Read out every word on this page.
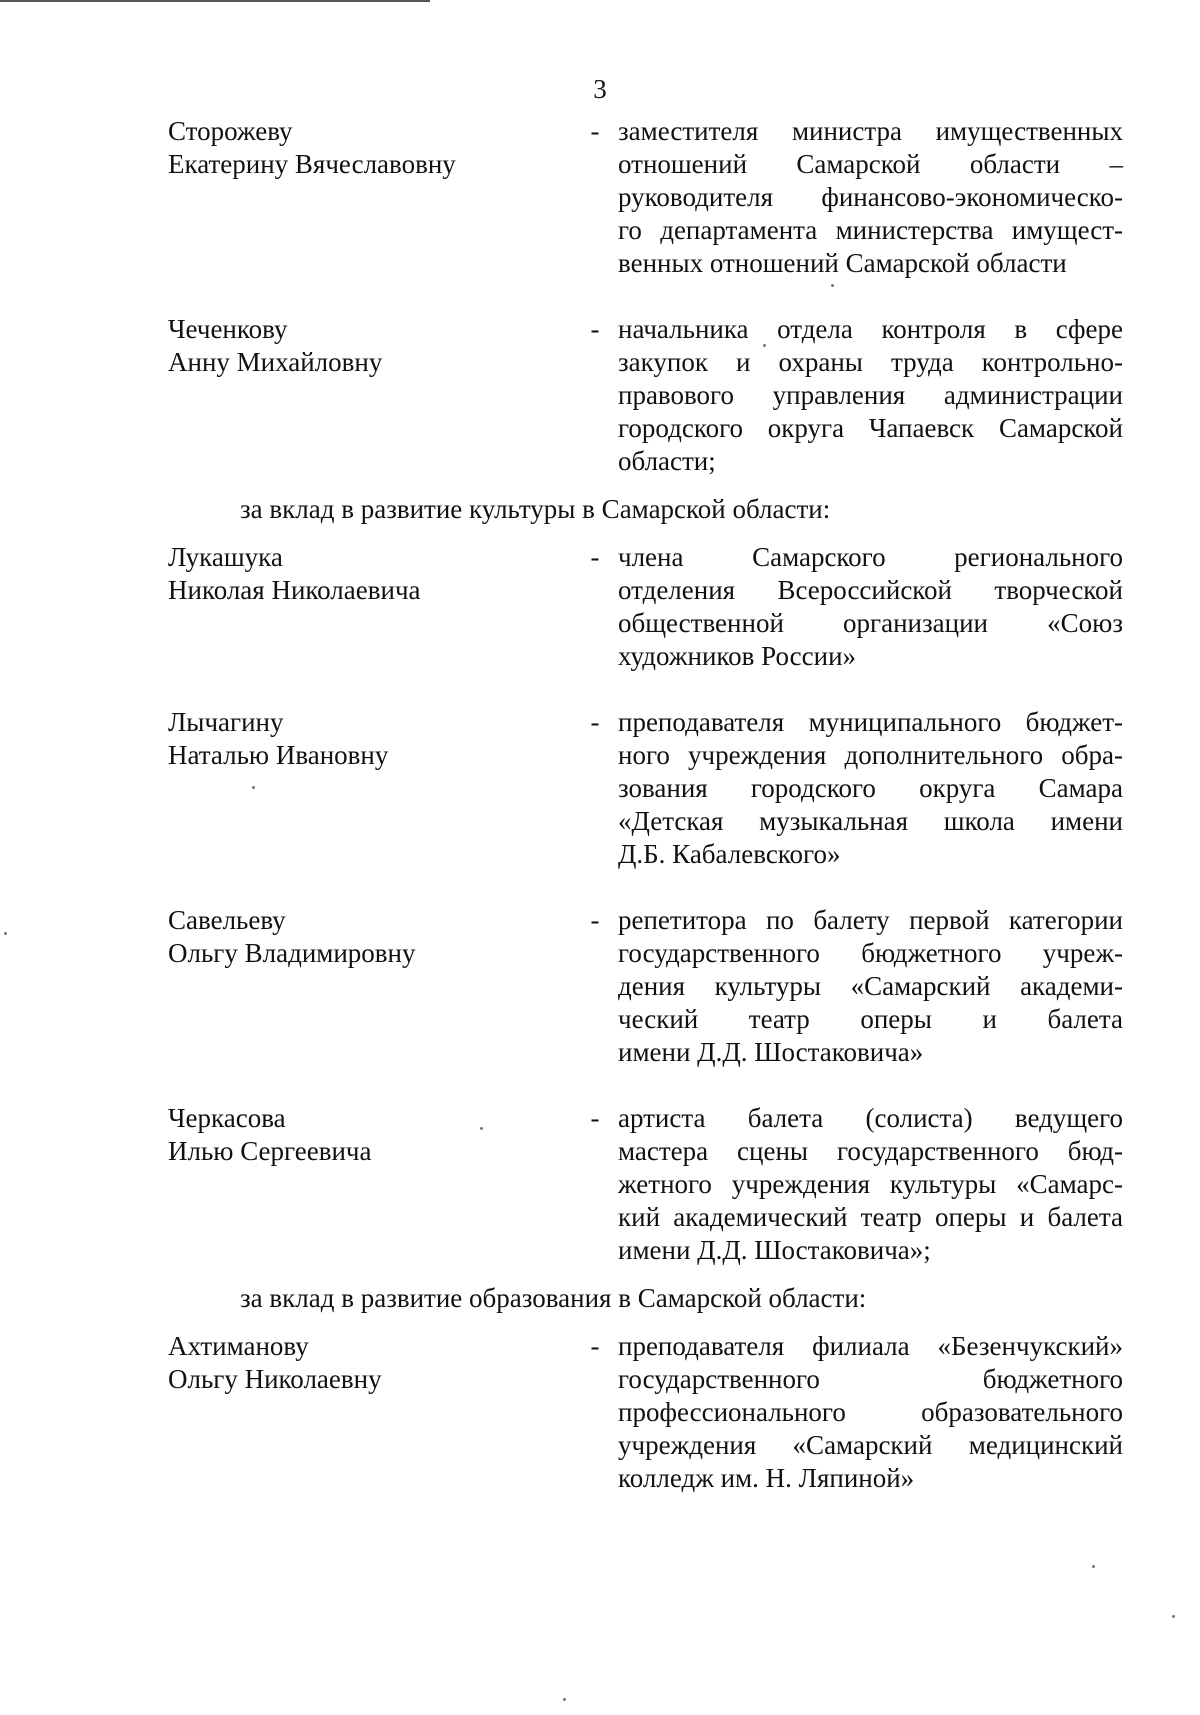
3
Сторожеву
Екатерину Вячеславовну
- заместителя министра имущественных
отношений Самарской области –
руководителя финансово-экономическо-
го департамента министерства имущест-
венных отношений Самарской области
Чеченкову
Анну Михайловну
- начальника отдела контроля в сфере
закупок и охраны труда контрольно-
правового управления администрации
городского округа Чапаевск Самарской
области;
за вклад в развитие культуры в Самарской области:
Лукашука
Николая Николаевича
- члена Самарского регионального
отделения Всероссийской творческой
общественной организации «Союз
художников России»
Лычагину
Наталью Ивановну
- преподавателя муниципального бюджет-
ного учреждения дополнительного обра-
зования городского округа Самара
«Детская музыкальная школа имени
Д.Б. Кабалевского»
Савельеву
Ольгу Владимировну
- репетитора по балету первой категории
государственного бюджетного учреж-
дения культуры «Самарский академи-
ческий театр оперы и балета
имени Д.Д. Шостаковича»
Черкасова
Илью Сергеевича
- артиста балета (солиста) ведущего
мастера сцены государственного бюд-
жетного учреждения культуры «Самарс-
кий академический театр оперы и балета
имени Д.Д. Шостаковича»;
за вклад в развитие образования в Самарской области:
Ахтиманову
Ольгу Николаевну
- преподавателя филиала «Безенчукский»
государственного бюджетного
профессионального образовательного
учреждения «Самарский медицинский
колледж им. Н. Ляпиной»
